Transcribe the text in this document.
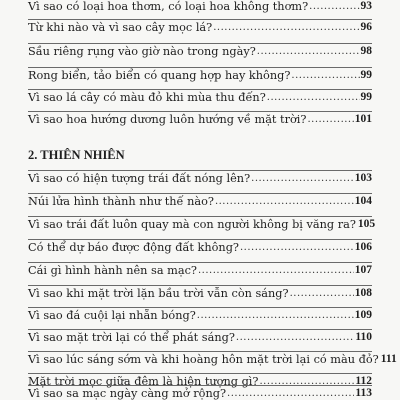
Vì sao có loại hoa thơm, có loại hoa không thơm? .....	93
Từ khi nào và vì sao cây mọc lá? .....	96
Sầu riêng rụng vào giờ nào trong ngày? .....	98
Rong biển, tảo biển có quang hợp hay không? .....	99
Vì sao lá cây có màu đỏ khi mùa thu đến? .....	99
Vì sao hoa hướng dương luôn hướng về mặt trời? .....	101
2. THIÊN NHIÊN
Vì sao có hiện tượng trái đất nóng lên? .....	103
Núi lửa hình thành như thế nào? .....	104
Vì sao trái đất luôn quay mà con người không bị văng ra? 105
Có thể dự báo được động đất không? .....	106
Cái gì hình hành nên sa mạc? .....	107
Vì sao khi mặt trời lặn bầu trời vẫn còn sáng? .....	108
Vì sao đá cuội lại nhẵn bóng? .....	109
Vì sao mặt trời lại có thể phát sáng? .....	110
Vì sao lúc sáng sớm và khi hoàng hôn mặt trời lại có màu đỏ? 111
Mặt trời mọc giữa đêm là hiện tượng gì? .....	112
Vì sao sa mạc ngày càng mở rộng? .....	113
